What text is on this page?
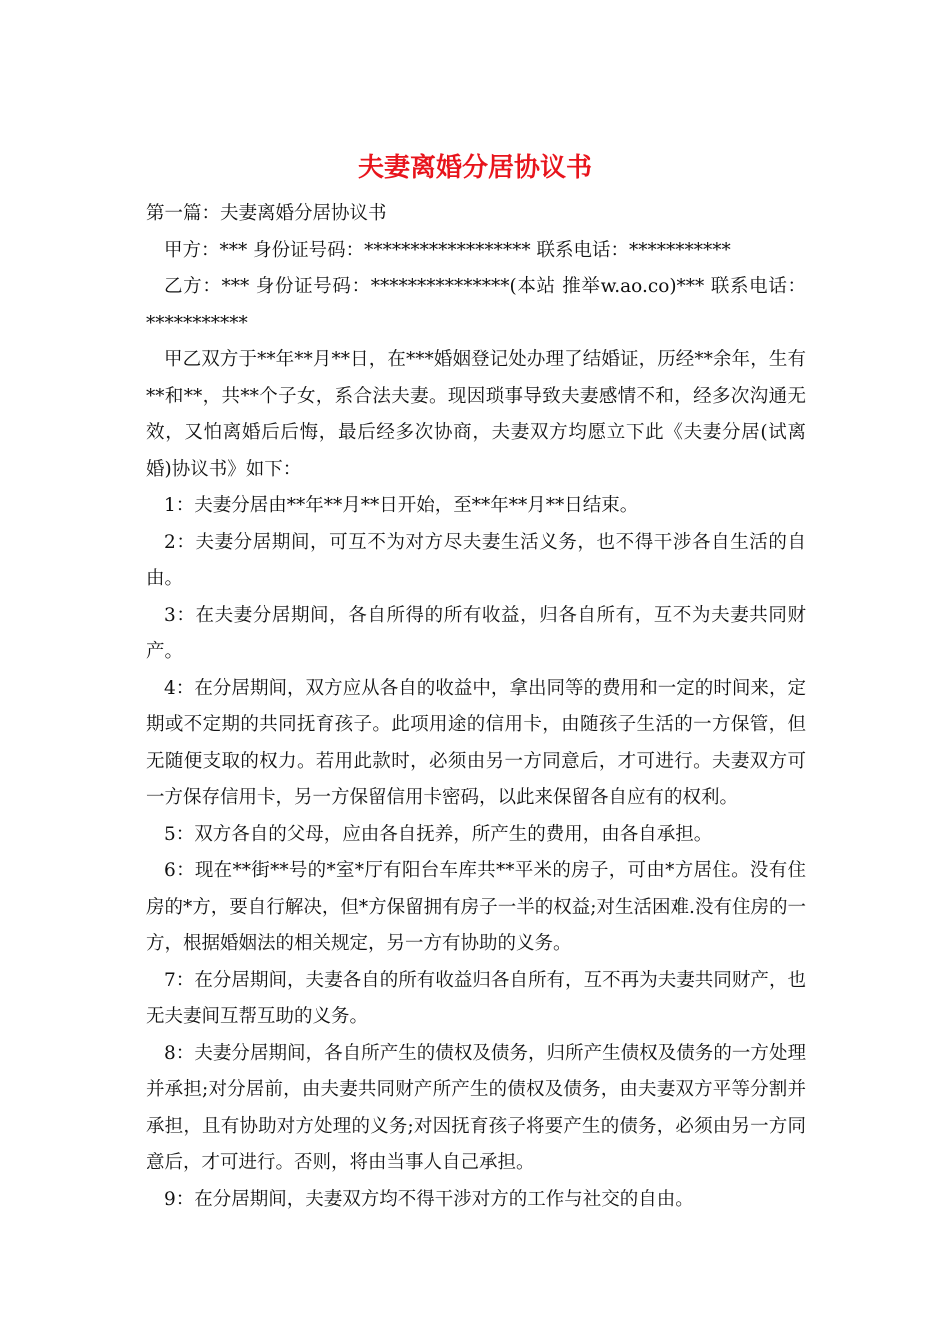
夫妻离婚分居协议书

第一篇：夫妻离婚分居协议书

甲方：*** 身份证号码：****************** 联系电话：***********

乙方：*** 身份证号码：***************(本站 推举w.ao.co)*** 联系电话：***********

甲乙双方于**年**月**日，在***婚姻登记处办理了结婚证，历经**余年，生有**和**，共**个子女，系合法夫妻。现因琐事导致夫妻感情不和，经多次沟通无效，又怕离婚后后悔，最后经多次协商，夫妻双方均愿立下此《夫妻分居(试离婚)协议书》如下：

1：夫妻分居由**年**月**日开始，至**年**月**日结束。

2：夫妻分居期间，可互不为对方尽夫妻生活义务，也不得干涉各自生活的自由。

3：在夫妻分居期间，各自所得的所有收益，归各自所有，互不为夫妻共同财产。

4：在分居期间，双方应从各自的收益中，拿出同等的费用和一定的时间来，定期或不定期的共同抚育孩子。此项用途的信用卡，由随孩子生活的一方保管，但无随便支取的权力。若用此款时，必须由另一方同意后，才可进行。夫妻双方可一方保存信用卡，另一方保留信用卡密码，以此来保留各自应有的权利。

5：双方各自的父母，应由各自抚养，所产生的费用，由各自承担。

6：现在**街**号的*室*厅有阳台车库共**平米的房子，可由*方居住。没有住房的*方，要自行解决，但*方保留拥有房子一半的权益;对生活困难.没有住房的一方，根据婚姻法的相关规定，另一方有协助的义务。

7：在分居期间，夫妻各自的所有收益归各自所有，互不再为夫妻共同财产，也无夫妻间互帮互助的义务。

8：夫妻分居期间，各自所产生的债权及债务，归所产生债权及债务的一方处理并承担;对分居前，由夫妻共同财产所产生的债权及债务，由夫妻双方平等分割并承担，且有协助对方处理的义务;对因抚育孩子将要产生的债务，必须由另一方同意后，才可进行。否则，将由当事人自己承担。

9：在分居期间，夫妻双方均不得干涉对方的工作与社交的自由。
